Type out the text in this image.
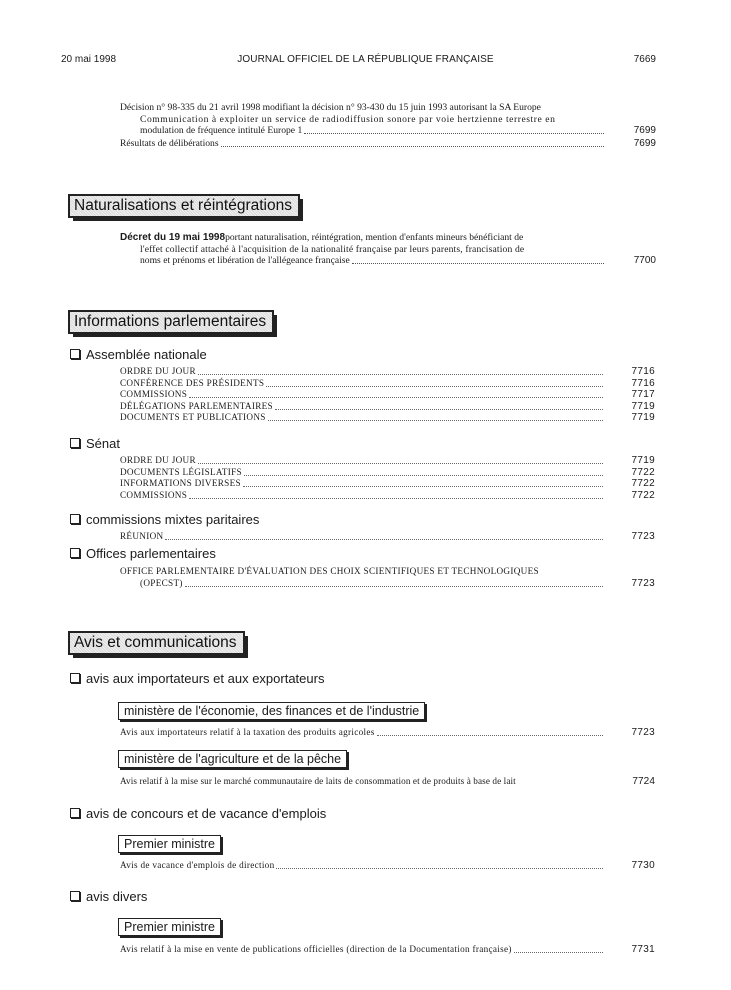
20 mai 1998	JOURNAL OFFICIEL DE LA RÉPUBLIQUE FRANÇAISE	7669
Décision n° 98-335 du 21 avril 1998 modifiant la décision n° 93-430 du 15 juin 1993 autorisant la SA Europe
Communication à exploiter un service de radiodiffusion sonore par voie hertzienne terrestre en
modulation de fréquence intitulé Europe 1	7699
Résultats de délibérations	7699
Naturalisations et réintégrations
Décret du 19 mai 1998 portant naturalisation, réintégration, mention d'enfants mineurs bénéficiant de
l'effet collectif attaché à l'acquisition de la nationalité française par leurs parents, francisation de
noms et prénoms et libération de l'allégeance française	7700
Informations parlementaires
Assemblée nationale
ORDRE DU JOUR	7716
CONFÉRENCE DES PRÉSIDENTS	7716
COMMISSIONS	7717
DÉLÉGATIONS PARLEMENTAIRES	7719
DOCUMENTS ET PUBLICATIONS	7719
Sénat
ORDRE DU JOUR	7719
DOCUMENTS LÉGISLATIFS	7722
INFORMATIONS DIVERSES	7722
COMMISSIONS	7722
commissions mixtes paritaires
RÉUNION	7723
Offices parlementaires
OFFICE PARLEMENTAIRE D'ÉVALUATION DES CHOIX SCIENTIFIQUES ET TECHNOLOGIQUES
(OPECST)	7723
Avis et communications
avis aux importateurs et aux exportateurs
ministère de l'économie, des finances et de l'industrie
Avis aux importateurs relatif à la taxation des produits agricoles	7723
ministère de l'agriculture et de la pêche
Avis relatif à la mise sur le marché communautaire de laits de consommation et de produits à base de lait	7724
avis de concours et de vacance d'emplois
Premier ministre
Avis de vacance d'emplois de direction	7730
avis divers
Premier ministre
Avis relatif à la mise en vente de publications officielles (direction de la Documentation française)	7731
